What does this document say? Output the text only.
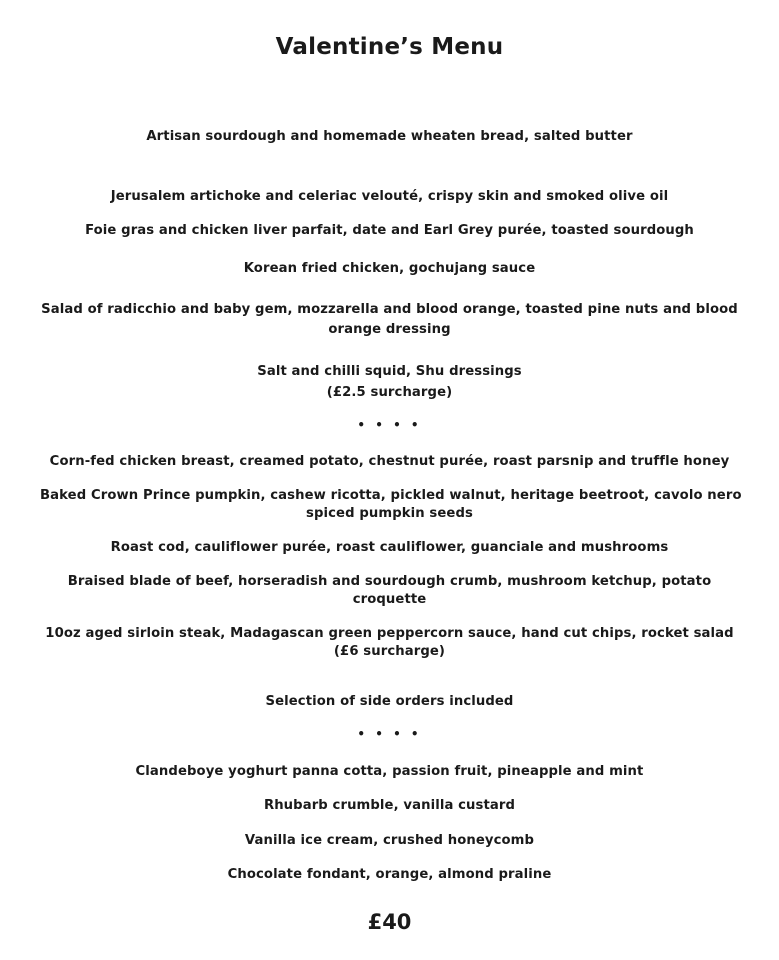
Valentine’s Menu
Artisan sourdough and homemade wheaten bread, salted butter
Jerusalem artichoke and celeriac velouté, crispy skin and smoked olive oil
Foie gras and chicken liver parfait, date and Earl Grey purée, toasted sourdough
Korean fried chicken, gochujang sauce
Salad of radicchio and baby gem, mozzarella and blood orange, toasted pine nuts and blood
orange dressing
Salt and chilli squid, Shu dressings
(£2.5 surcharge)
• • • •
Corn-fed chicken breast, creamed potato, chestnut purée, roast parsnip and truffle honey
Baked Crown Prince pumpkin, cashew ricotta, pickled walnut, heritage beetroot, cavolo nero
spiced pumpkin seeds
Roast cod, cauliflower purée, roast cauliflower, guanciale and mushrooms
Braised blade of beef, horseradish and sourdough crumb, mushroom ketchup, potato
croquette
10oz aged sirloin steak, Madagascan green peppercorn sauce, hand cut chips, rocket salad
(£6 surcharge)
Selection of side orders included
• • • •
Clandeboye yoghurt panna cotta, passion fruit, pineapple and mint
Rhubarb crumble, vanilla custard
Vanilla ice cream, crushed honeycomb
Chocolate fondant, orange, almond praline
£40
